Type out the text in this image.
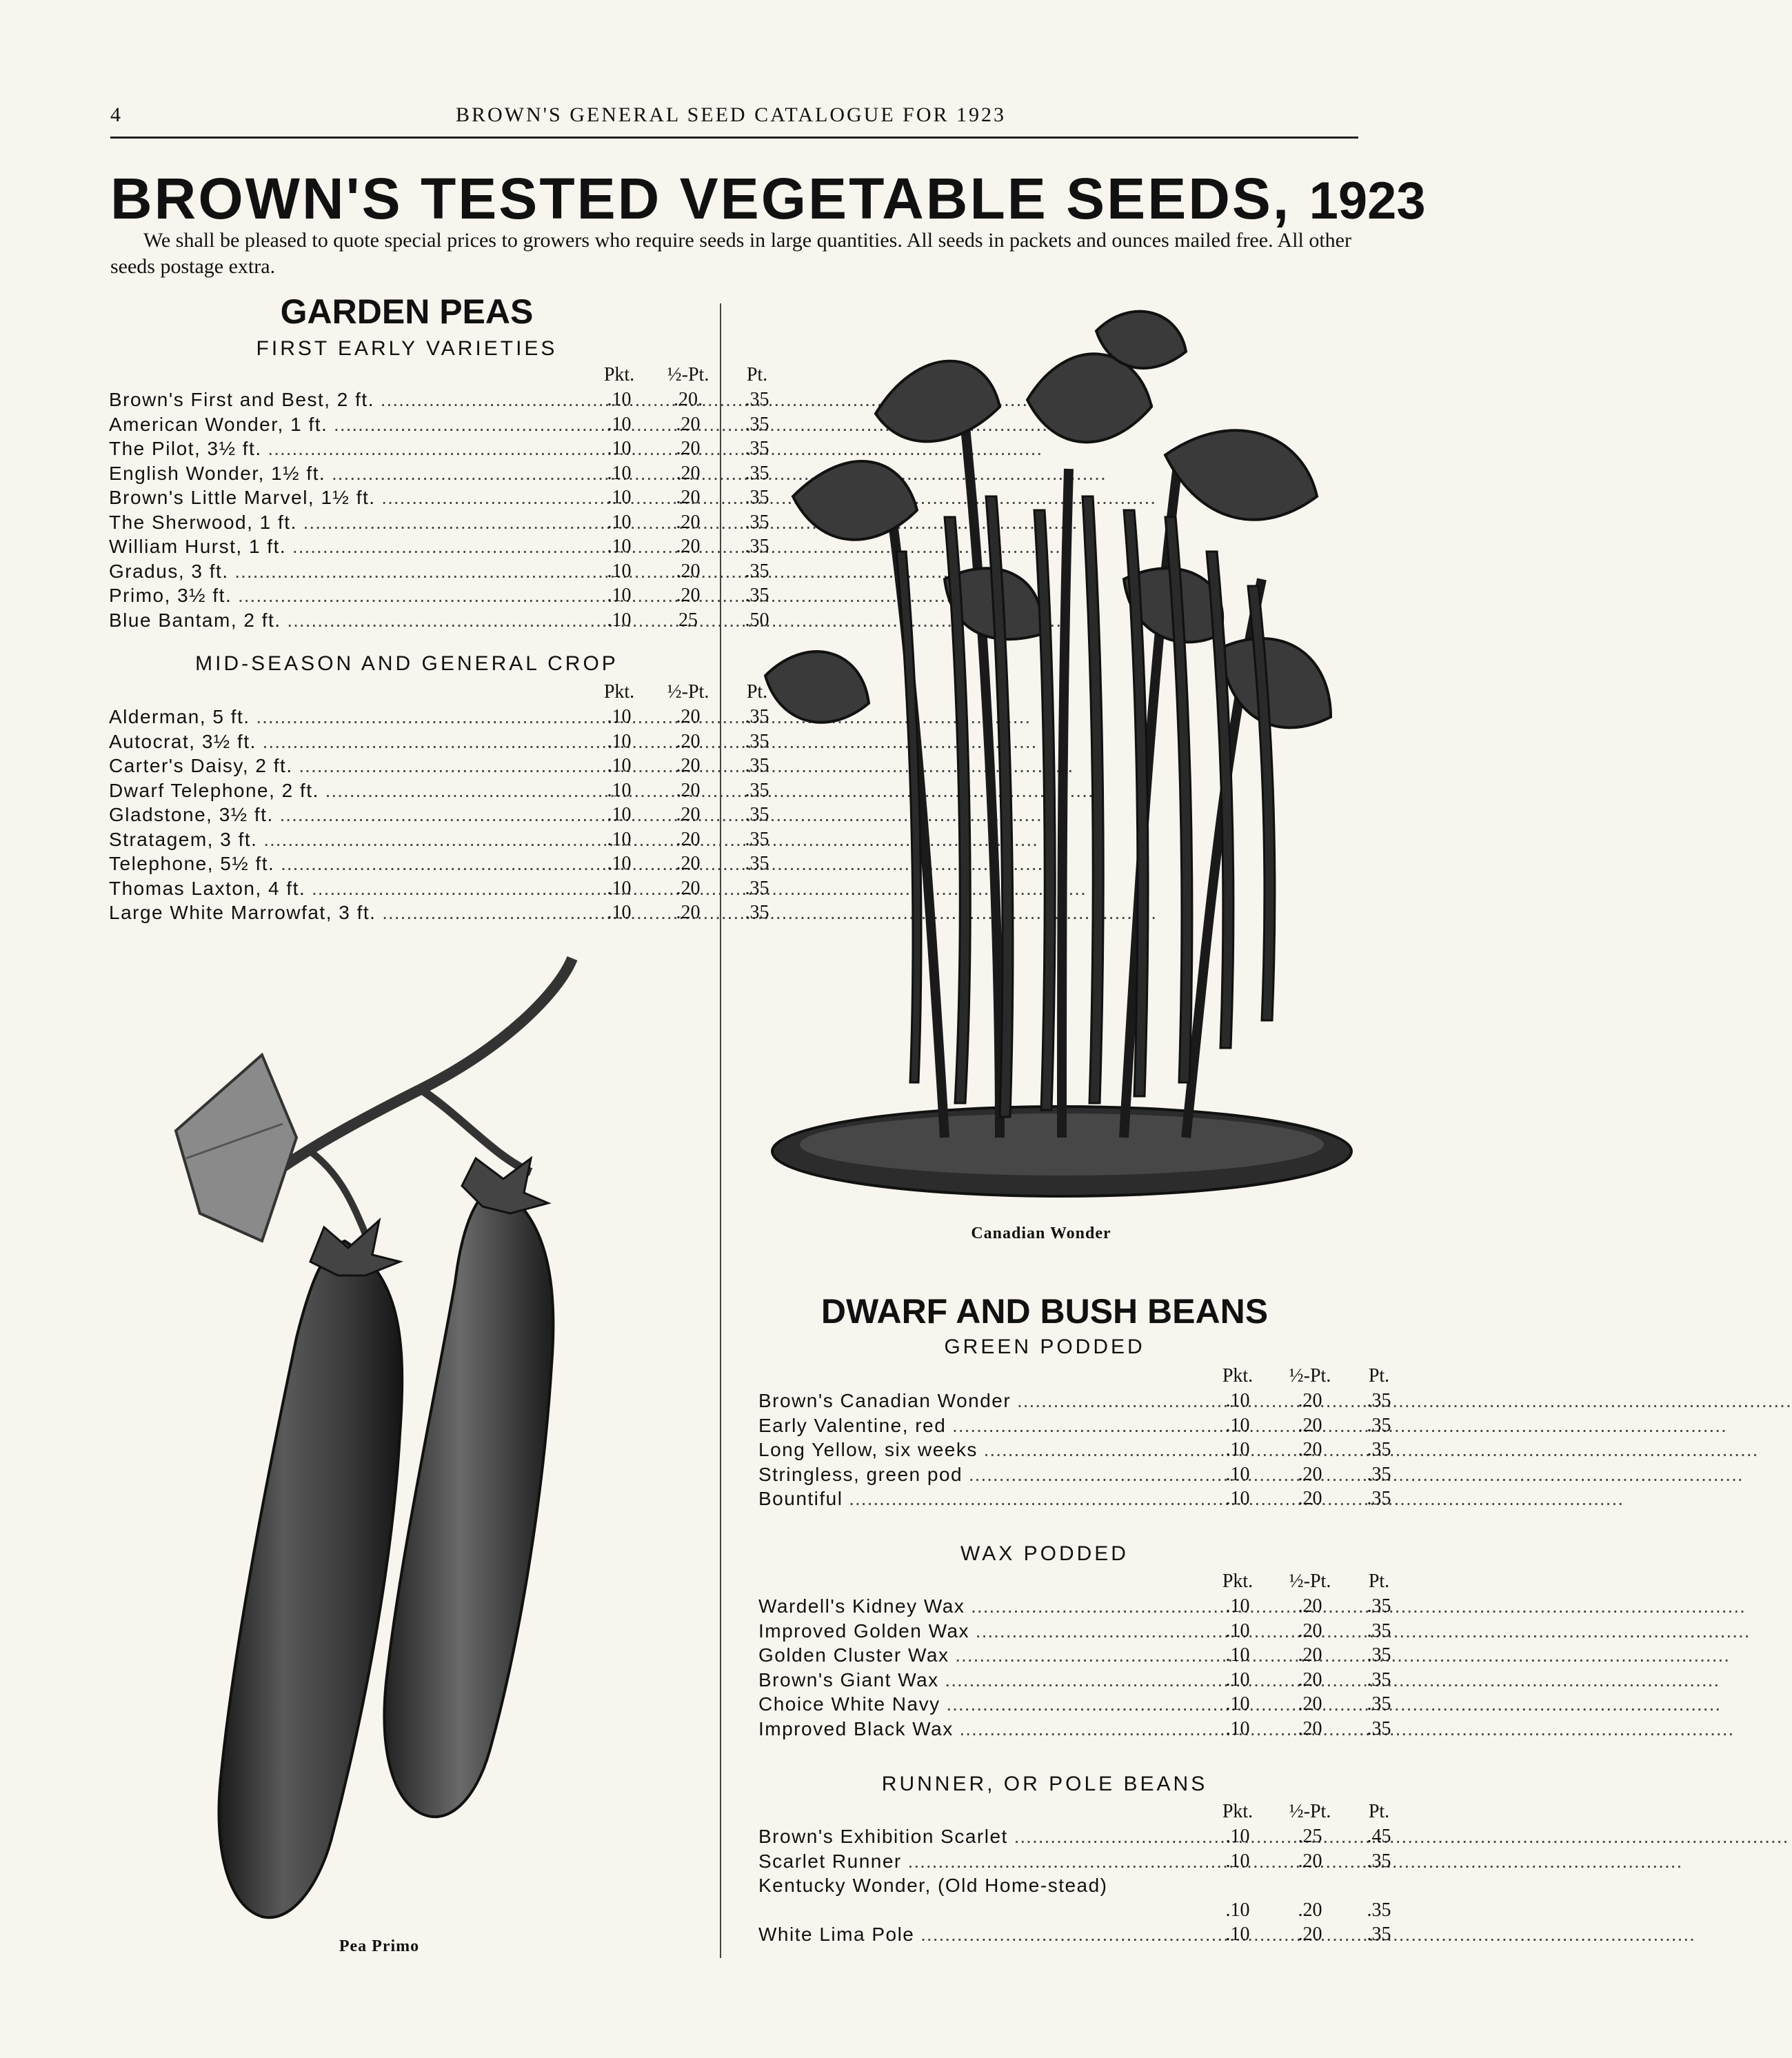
4	BROWN'S GENERAL SEED CATALOGUE FOR 1923
BROWN'S TESTED VEGETABLE SEEDS, 1923
We shall be pleased to quote special prices to growers who require seeds in large quantities. All seeds in packets and ounces mailed free. All other seeds postage extra.
GARDEN PEAS
FIRST EARLY VARIETIES
Pkt.	½-Pt.	Pt.
Brown's First and Best, 2 ft. .....	.10	.20.	.35
American Wonder, 1 ft. .....	.10	.20	.35
The Pilot, 3½ ft. .....	.10	.20	.35
English Wonder, 1½ ft. .....	.10	.20	.35
Brown's Little Marvel, 1½ ft. .....	.10	.20	.35
The Sherwood, 1 ft. .....	.10	.20	.35
William Hurst, 1 ft. .....	.10	.20	.35
Gradus, 3 ft. .....	.10	.20	.35
Primo, 3½ ft. .....	.10	.20	.35
Blue Bantam, 2 ft. .....	.10	25	.50
MID-SEASON AND GENERAL CROP
Pkt.	½-Pt.	Pt.
Alderman, 5 ft. .....	.10	.20	.35
Autocrat, 3½ ft. .....	.10	.20	.35
Carter's Daisy, 2 ft. .....	.10	.20	.35
Dwarf Telephone, 2 ft. .....	.10	.20	.35
Gladstone, 3½ ft. .....	.10	.20	.35
Stratagem, 3 ft. .....	.10	.20	.35
Telephone, 5½ ft. .....	.10	.20	.35
Thomas Laxton, 4 ft. .....	.10	.20	.35
Large White Marrowfat, 3 ft. .....	.10	.20	.35
Pea Primo
Canadian Wonder
DWARF AND BUSH BEANS
GREEN PODDED
Pkt.	½-Pt.	Pt.
Brown's Canadian Wonder .....	.10	.20	.35
Early Valentine, red .....	.10	.20	.35
Long Yellow, six weeks .....	.10	.20	.35
Stringless, green pod .....	.10	.20	.35
Bountiful .....	.10	.20	.35
WAX PODDED
Pkt.	½-Pt.	Pt.
Wardell's Kidney Wax .....	.10	.20	.35
Improved Golden Wax .....	.10	.20	.35
Golden Cluster Wax .....	.10	.20	.35
Brown's Giant Wax .....	.10	.20	.35
Choice White Navy .....	.10	.20	.35
Improved Black Wax .....	.10	.20	.35
RUNNER, OR POLE BEANS
Pkt.	½-Pt.	Pt.
Brown's Exhibition Scarlet .....	.10	.25	.45
Scarlet Runner .....	.10	.20	.35
Kentucky Wonder, (Old Home-stead)
.10	.20	.35
White Lima Pole .....	.10	.20	.35
